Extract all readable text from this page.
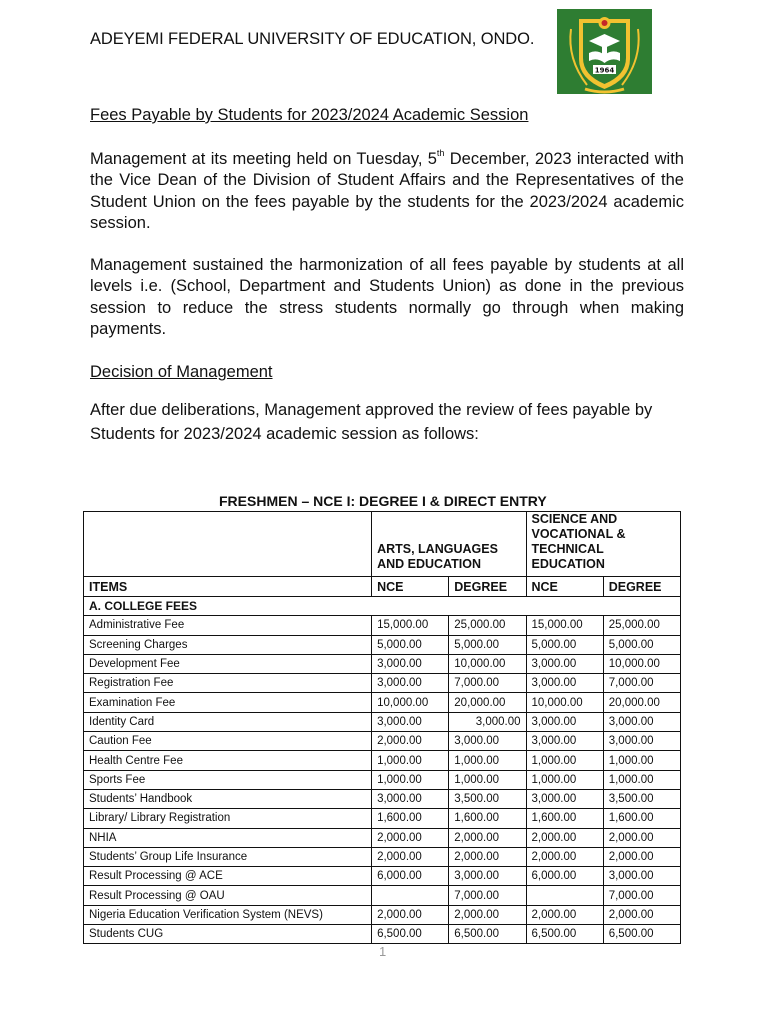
ADEYEMI FEDERAL UNIVERSITY OF EDUCATION, ONDO.
1964
Fees Payable by Students for 2023/2024 Academic Session
Management at its meeting held on Tuesday, 5th December, 2023 interacted with the Vice Dean of the Division of Student Affairs and the Representatives of the Student Union on the fees payable by the students for the 2023/2024 academic session.
Management sustained the harmonization of all fees payable by students at all levels i.e. (School, Department and Students Union) as done in the previous session to reduce the stress students normally go through when making payments.
Decision of Management
After due deliberations, Management approved the review of fees payable by Students for 2023/2024 academic session as follows:
FRESHMEN – NCE I: DEGREE I & DIRECT ENTRY
	ARTS, LANGUAGES AND EDUCATION		SCIENCE AND VOCATIONAL & TECHNICAL EDUCATION	
ITEMS	NCE	DEGREE	NCE	DEGREE
A. COLLEGE FEES				
Administrative Fee	15,000.00	25,000.00	15,000.00	25,000.00
Screening Charges	5,000.00	5,000.00	5,000.00	5,000.00
Development Fee	3,000.00	10,000.00	3,000.00	10,000.00
Registration Fee	3,000.00	7,000.00	3,000.00	7,000.00
Examination Fee	10,000.00	20,000.00	10,000.00	20,000.00
Identity Card	3,000.00	3,000.00	3,000.00	3,000.00
Caution Fee	2,000.00	3,000.00	3,000.00	3,000.00
Health Centre Fee	1,000.00	1,000.00	1,000.00	1,000.00
Sports Fee	1,000.00	1,000.00	1,000.00	1,000.00
Students’ Handbook	3,000.00	3,500.00	3,000.00	3,500.00
Library/ Library Registration	1,600.00	1,600.00	1,600.00	1,600.00
NHIA	2,000.00	2,000.00	2,000.00	2,000.00
Students’ Group Life Insurance	2,000.00	2,000.00	2,000.00	2,000.00
Result Processing @ ACE	6,000.00	3,000.00	6,000.00	3,000.00
Result Processing @ OAU		7,000.00		7,000.00
Nigeria Education Verification System (NEVS)	2,000.00	2,000.00	2,000.00	2,000.00
Students CUG	6,500.00	6,500.00	6,500.00	6,500.00
1
